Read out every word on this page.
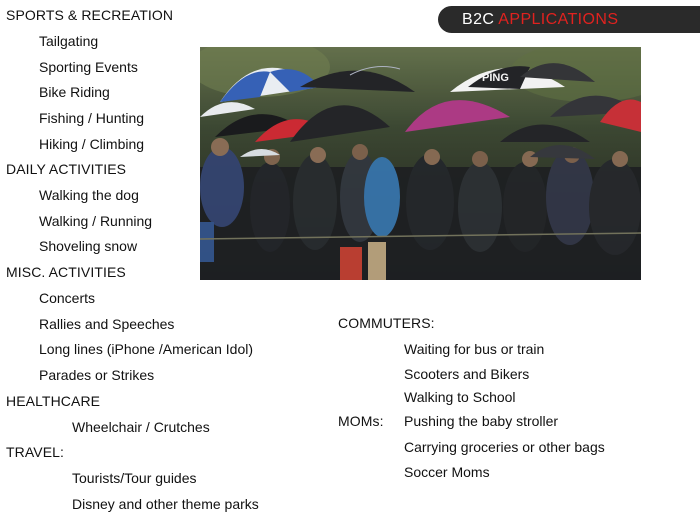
B2C APPLICATIONS
PING
SPORTS & RECREATION
Tailgating
Sporting Events
Bike Riding
Fishing / Hunting
Hiking / Climbing
DAILY ACTIVITIES
Walking the dog
Walking / Running
Shoveling snow
MISC. ACTIVITIES
Concerts
Rallies and Speeches
Long lines (iPhone /American Idol)
Parades or Strikes
HEALTHCARE
Wheelchair / Crutches
TRAVEL:
Tourists/Tour guides
Disney and other theme parks
COMMUTERS:
Waiting for bus or train
Scooters and Bikers
Walking to School
MOMs: Pushing the baby stroller
Carrying groceries or other bags
Soccer Moms
